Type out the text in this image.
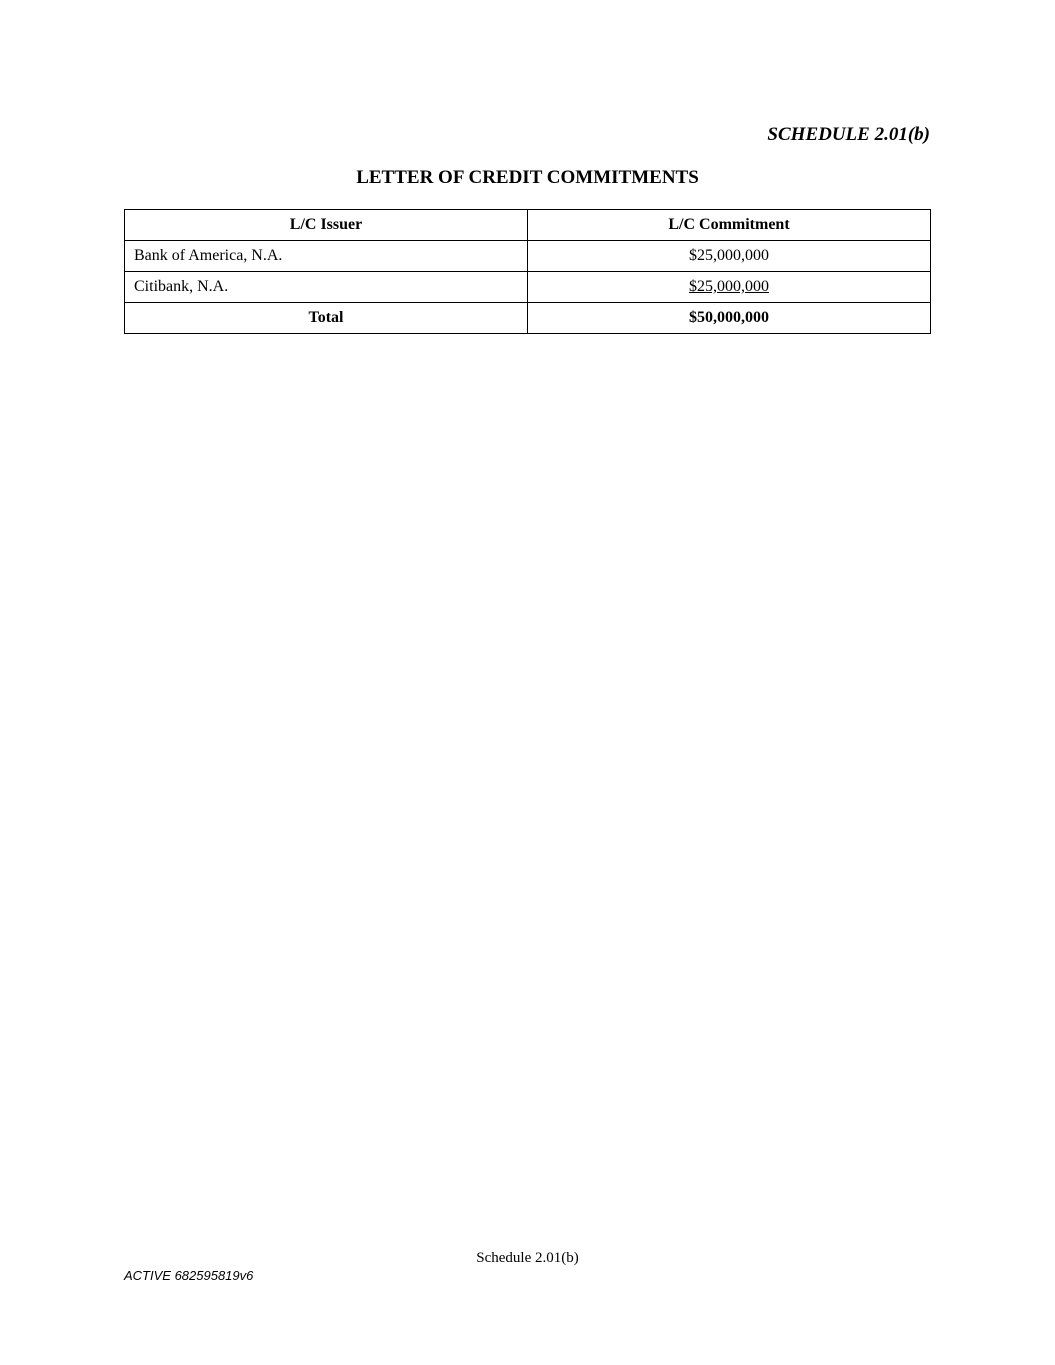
SCHEDULE 2.01(b)

LETTER OF CREDIT COMMITMENTS
L/C Issuer	L/C Commitment
Bank of America, N.A.	$25,000,000
Citibank, N.A.	$25,000,000
Total	$50,000,000

Schedule 2.01(b)

ACTIVE 682595819v6
